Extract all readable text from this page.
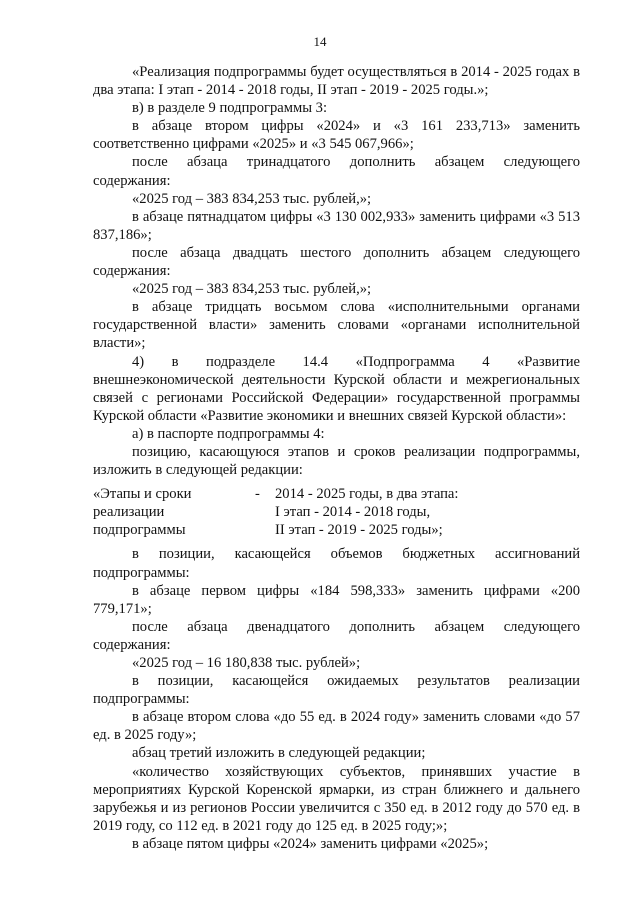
14

«Реализация подпрограммы будет осуществляться в 2014 - 2025 годах в два этапа: I этап - 2014 - 2018 годы, II этап - 2019 - 2025 годы.»;

в) в разделе 9 подпрограммы 3:

в абзаце втором цифры «2024» и «3 161 233,713» заменить соответственно цифрами «2025» и «3 545 067,966»;

после абзаца тринадцатого дополнить абзацем следующего содержания:

«2025 год – 383 834,253 тыс. рублей,»;

в абзаце пятнадцатом цифры «3 130 002,933» заменить цифрами «3 513 837,186»;

после абзаца двадцать шестого дополнить абзацем следующего содержания:

«2025 год – 383 834,253 тыс. рублей,»;

в абзаце тридцать восьмом слова «исполнительными органами государственной власти» заменить словами «органами исполнительной власти»;

4) в подразделе 14.4 «Подпрограмма 4 «Развитие внешнеэкономической деятельности Курской области и межрегиональных связей с регионами Российской Федерации» государственной программы Курской области «Развитие экономики и внешних связей Курской области»:

а) в паспорте подпрограммы 4:

позицию, касающуюся этапов и сроков реализации подпрограммы, изложить в следующей редакции:

«Этапы и сроки
реализации
подпрограммы
-	2014 - 2025 годы, в два этапа:
I этап - 2014 - 2018 годы,
II этап - 2019 - 2025 годы»;

в позиции, касающейся объемов бюджетных ассигнований подпрограммы:

в абзаце первом цифры «184 598,333» заменить цифрами «200 779,171»;

после абзаца двенадцатого дополнить абзацем следующего содержания:

«2025 год – 16 180,838 тыс. рублей»;

в позиции, касающейся ожидаемых результатов реализации подпрограммы:

в абзаце втором слова «до 55 ед. в 2024 году» заменить словами «до 57 ед. в 2025 году»;

абзац третий изложить в следующей редакции;

«количество хозяйствующих субъектов, принявших участие в мероприятиях Курской Коренской ярмарки, из стран ближнего и дальнего зарубежья и из регионов России увеличится с 350 ед. в 2012 году до 570 ед. в 2019 году, со 112 ед. в 2021 году до 125 ед. в 2025 году;»;

в абзаце пятом цифры «2024» заменить цифрами «2025»;
